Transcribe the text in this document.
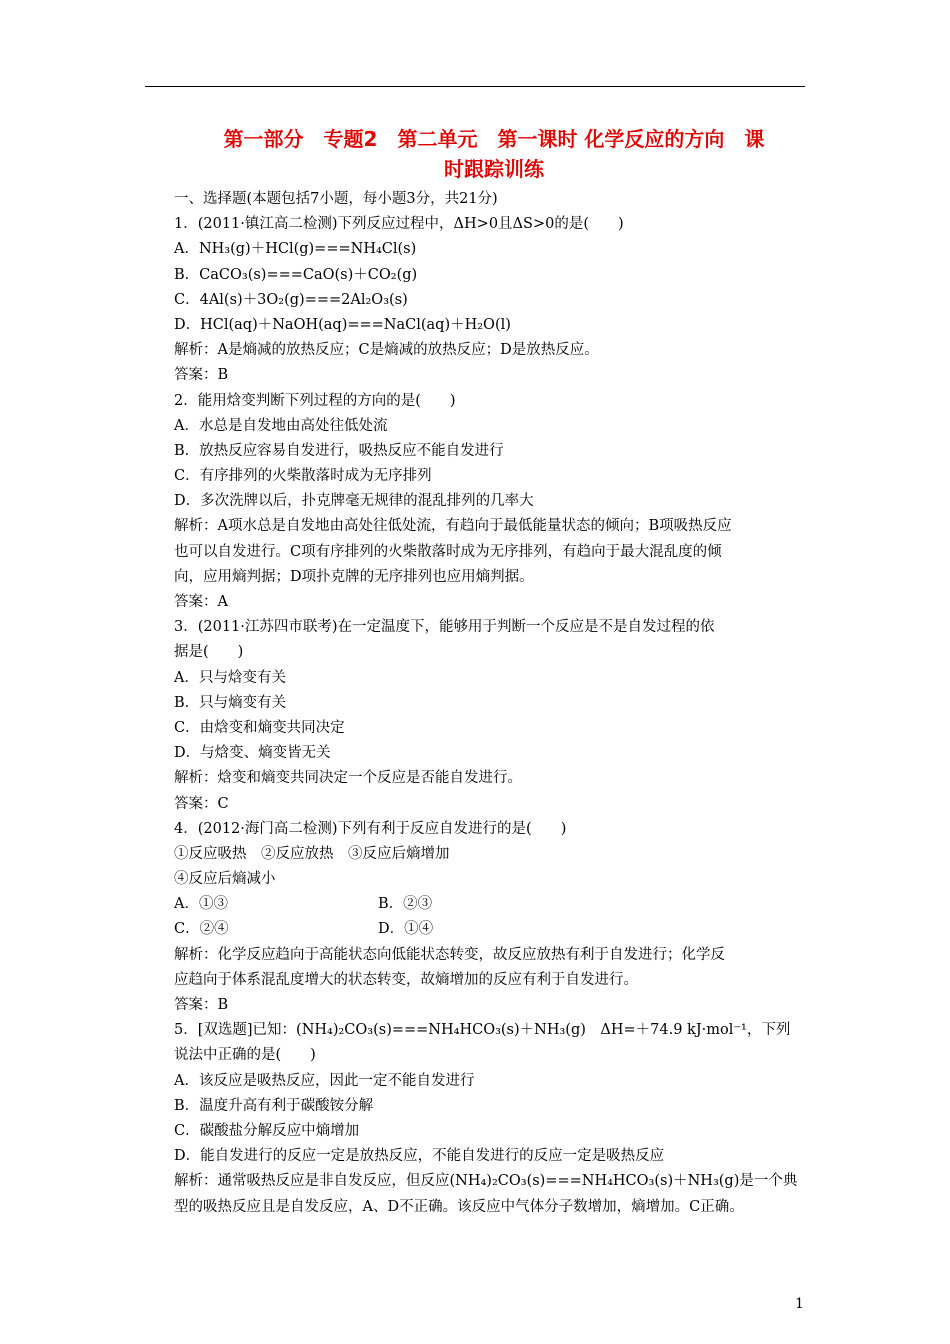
第一部分　专题2　第二单元　第一课时 化学反应的方向　课
时跟踪训练
一、选择题(本题包括7小题，每小题3分，共21分)
1．(2011·镇江高二检测)下列反应过程中，ΔH>0且ΔS>0的是(　　)
A．NH₃(g)＋HCl(g)===NH₄Cl(s)
B．CaCO₃(s)===CaO(s)＋CO₂(g)
C．4Al(s)＋3O₂(g)===2Al₂O₃(s)
D．HCl(aq)＋NaOH(aq)===NaCl(aq)＋H₂O(l)
解析：A是熵减的放热反应；C是熵减的放热反应；D是放热反应。
答案：B
2．能用焓变判断下列过程的方向的是(　　)
A．水总是自发地由高处往低处流
B．放热反应容易自发进行，吸热反应不能自发进行
C．有序排列的火柴散落时成为无序排列
D．多次洗牌以后，扑克牌毫无规律的混乱排列的几率大
解析：A项水总是自发地由高处往低处流，有趋向于最低能量状态的倾向；B项吸热反应
也可以自发进行。C项有序排列的火柴散落时成为无序排列，有趋向于最大混乱度的倾
向，应用熵判据；D项扑克牌的无序排列也应用熵判据。
答案：A
3．(2011·江苏四市联考)在一定温度下，能够用于判断一个反应是不是自发过程的依
据是(　　)
A．只与焓变有关
B．只与熵变有关
C．由焓变和熵变共同决定
D．与焓变、熵变皆无关
解析：焓变和熵变共同决定一个反应是否能自发进行。
答案：C
4．(2012·海门高二检测)下列有利于反应自发进行的是(　　)
①反应吸热　②反应放热　③反应后熵增加
④反应后熵减小
A．①③	B．②③
C．②④	D．①④
解析：化学反应趋向于高能状态向低能状态转变，故反应放热有利于自发进行；化学反
应趋向于体系混乱度增大的状态转变，故熵增加的反应有利于自发进行。
答案：B
5．[双选题]已知：(NH₄)₂CO₃(s)===NH₄HCO₃(s)＋NH₃(g)　ΔH=＋74.9 kJ·mol⁻¹，下列
说法中正确的是(　　)
A．该反应是吸热反应，因此一定不能自发进行
B．温度升高有利于碳酸铵分解
C．碳酸盐分解反应中熵增加
D．能自发进行的反应一定是放热反应，不能自发进行的反应一定是吸热反应
解析：通常吸热反应是非自发反应，但反应(NH₄)₂CO₃(s)===NH₄HCO₃(s)＋NH₃(g)是一个典
型的吸热反应且是自发反应，A、D不正确。该反应中气体分子数增加，熵增加。C正确。
1
